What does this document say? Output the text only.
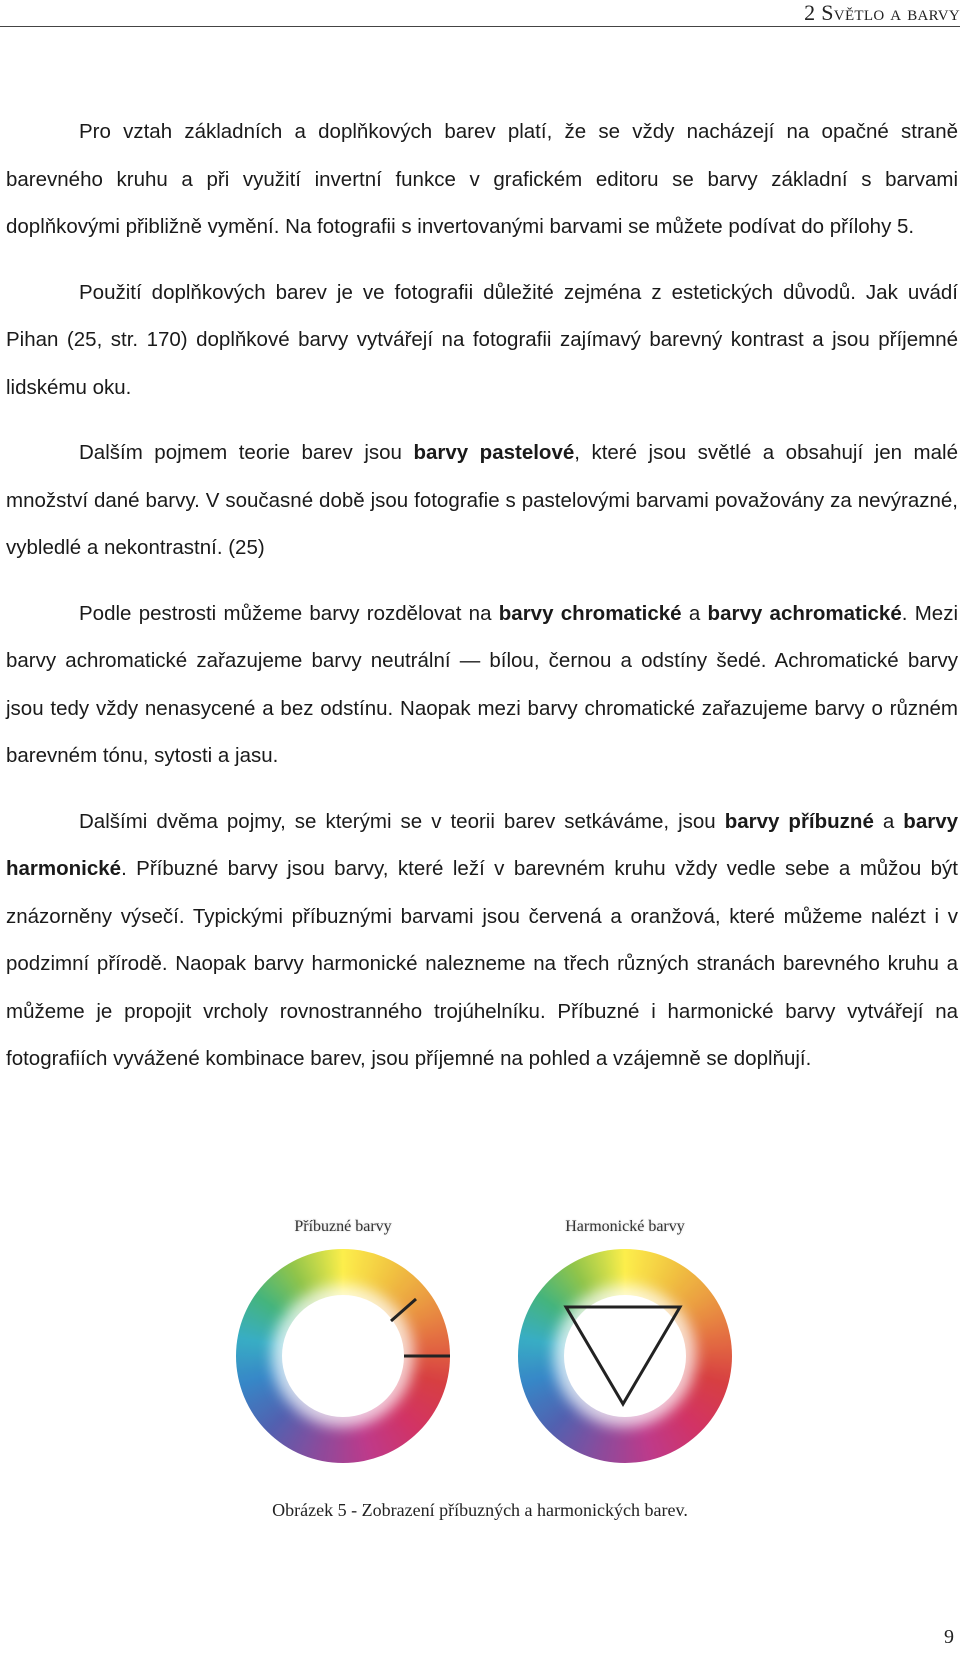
2 Světlo a barvy

Pro vztah základních a doplňkových barev platí, že se vždy nacházejí na opačné straně barevného kruhu a při využití invertní funkce v grafickém editoru se barvy základní s barvami doplňkovými přibližně vymění. Na fotografii s invertovanými barvami se můžete podívat do přílohy 5.

Použití doplňkových barev je ve fotografii důležité zejména z estetických důvodů. Jak uvádí Pihan (25, str. 170) doplňkové barvy vytvářejí na fotografii zajímavý barevný kontrast a jsou příjemné lidskému oku.

Dalším pojmem teorie barev jsou barvy pastelové, které jsou světlé a obsahují jen malé množství dané barvy. V současné době jsou fotografie s pastelovými barvami považovány za nevýrazné, vybledlé a nekontrastní. (25)

Podle pestrosti můžeme barvy rozdělovat na barvy chromatické a barvy achromatické. Mezi barvy achromatické zařazujeme barvy neutrální — bílou, černou a odstíny šedé. Achromatické barvy jsou tedy vždy nenasycené a bez odstínu. Naopak mezi barvy chromatické zařazujeme barvy o různém barevném tónu, sytosti a jasu.

Dalšími dvěma pojmy, se kterými se v teorii barev setkáváme, jsou barvy příbuzné a barvy harmonické. Příbuzné barvy jsou barvy, které leží v barevném kruhu vždy vedle sebe a můžou být znázorněny výsečí. Typickými příbuznými barvami jsou červená a oranžová, které můžeme nalézt i v podzimní přírodě. Naopak barvy harmonické nalezneme na třech různých stranách barevného kruhu a můžeme je propojit vrcholy rovnostranného trojúhelníku. Příbuzné i harmonické barvy vytvářejí na fotografiích vyvážené kombinace barev, jsou příjemné na pohled a vzájemně se doplňují.

Příbuzné barvy	Harmonické barvy
Obrázek 5 - Zobrazení příbuzných a harmonických barev.
9
